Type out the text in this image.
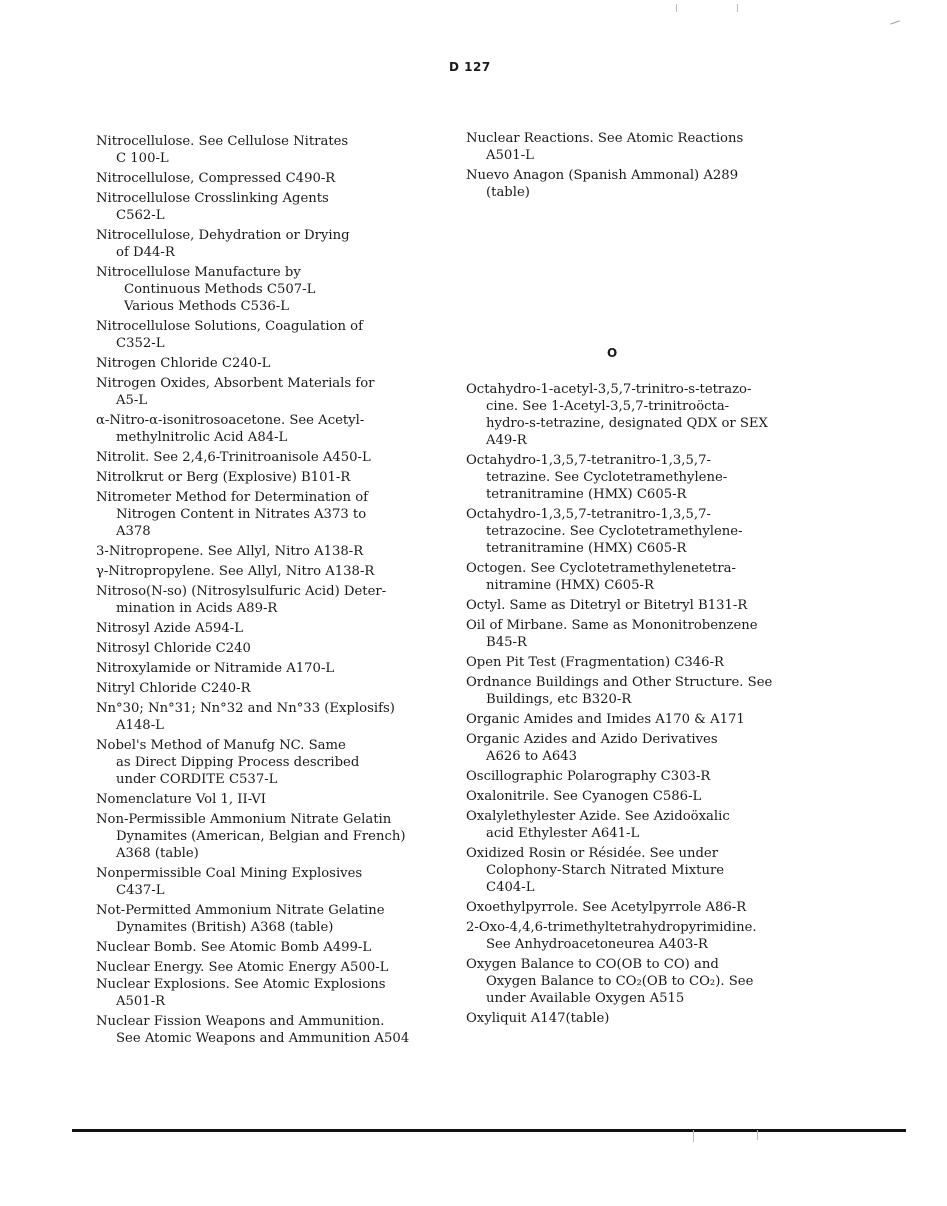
D 127
Nitrocellulose. See Cellulose Nitrates
C 100-L
Nitrocellulose, Compressed C490-R
Nitrocellulose Crosslinking Agents
C562-L
Nitrocellulose, Dehydration or Drying
of D44-R
Nitrocellulose Manufacture by
Continuous Methods C507-L
Various Methods C536-L
Nitrocellulose Solutions, Coagulation of
C352-L
Nitrogen Chloride C240-L
Nitrogen Oxides, Absorbent Materials for
A5-L
α-Nitro-α-isonitrosoacetone. See Acetyl-
methylnitrolic Acid A84-L
Nitrolit. See 2,4,6-Trinitroanisole A450-L
Nitrolkrut or Berg (Explosive) B101-R
Nitrometer Method for Determination of
Nitrogen Content in Nitrates A373 to
A378
3-Nitropropene. See Allyl, Nitro A138-R
γ-Nitropropylene. See Allyl, Nitro A138-R
Nitroso(N-so) (Nitrosylsulfuric Acid) Deter-
mination in Acids A89-R
Nitrosyl Azide A594-L
Nitrosyl Chloride C240
Nitroxylamide or Nitramide A170-L
Nitryl Chloride C240-R
Nn°30; Nn°31; Nn°32 and Nn°33 (Explosifs)
A148-L
Nobel's Method of Manufg NC. Same
as Direct Dipping Process described
under CORDITE C537-L
Nomenclature Vol 1, II-VI
Non-Permissible Ammonium Nitrate Gelatin
Dynamites (American, Belgian and French)
A368 (table)
Nonpermissible Coal Mining Explosives
C437-L
Not-Permitted Ammonium Nitrate Gelatine
Dynamites (British) A368 (table)
Nuclear Bomb. See Atomic Bomb A499-L
Nuclear Energy. See Atomic Energy A500-L
Nuclear Explosions. See Atomic Explosions
A501-R
Nuclear Fission Weapons and Ammunition.
See Atomic Weapons and Ammunition A504
Nuclear Reactions. See Atomic Reactions
A501-L
Nuevo Anagon (Spanish Ammonal) A289
(table)
O
Octahydro-1-acetyl-3,5,7-trinitro-s-tetrazo-
cine. See 1-Acetyl-3,5,7-trinitroöcta-
hydro-s-tetrazine, designated QDX or SEX
A49-R
Octahydro-1,3,5,7-tetranitro-1,3,5,7-
tetrazine. See Cyclotetramethylene-
tetranitramine (HMX) C605-R
Octahydro-1,3,5,7-tetranitro-1,3,5,7-
tetrazocine. See Cyclotetramethylene-
tetranitramine (HMX) C605-R
Octogen. See Cyclotetramethylenetetra-
nitramine (HMX) C605-R
Octyl. Same as Ditetryl or Bitetryl B131-R
Oil of Mirbane. Same as Mononitrobenzene
B45-R
Open Pit Test (Fragmentation) C346-R
Ordnance Buildings and Other Structure. See
Buildings, etc B320-R
Organic Amides and Imides A170 & A171
Organic Azides and Azido Derivatives
A626 to A643
Oscillographic Polarography C303-R
Oxalonitrile. See Cyanogen C586-L
Oxalylethylester Azide. See Azidoöxalic
acid Ethylester A641-L
Oxidized Rosin or Résidée. See under
Colophony-Starch Nitrated Mixture
C404-L
Oxoethylpyrrole. See Acetylpyrrole A86-R
2-Oxo-4,4,6-trimethyltetrahydropyrimidine.
See Anhydroacetoneurea A403-R
Oxygen Balance to CO(OB to CO) and
Oxygen Balance to CO₂(OB to CO₂). See
under Available Oxygen A515
Oxyliquit A147(table)
